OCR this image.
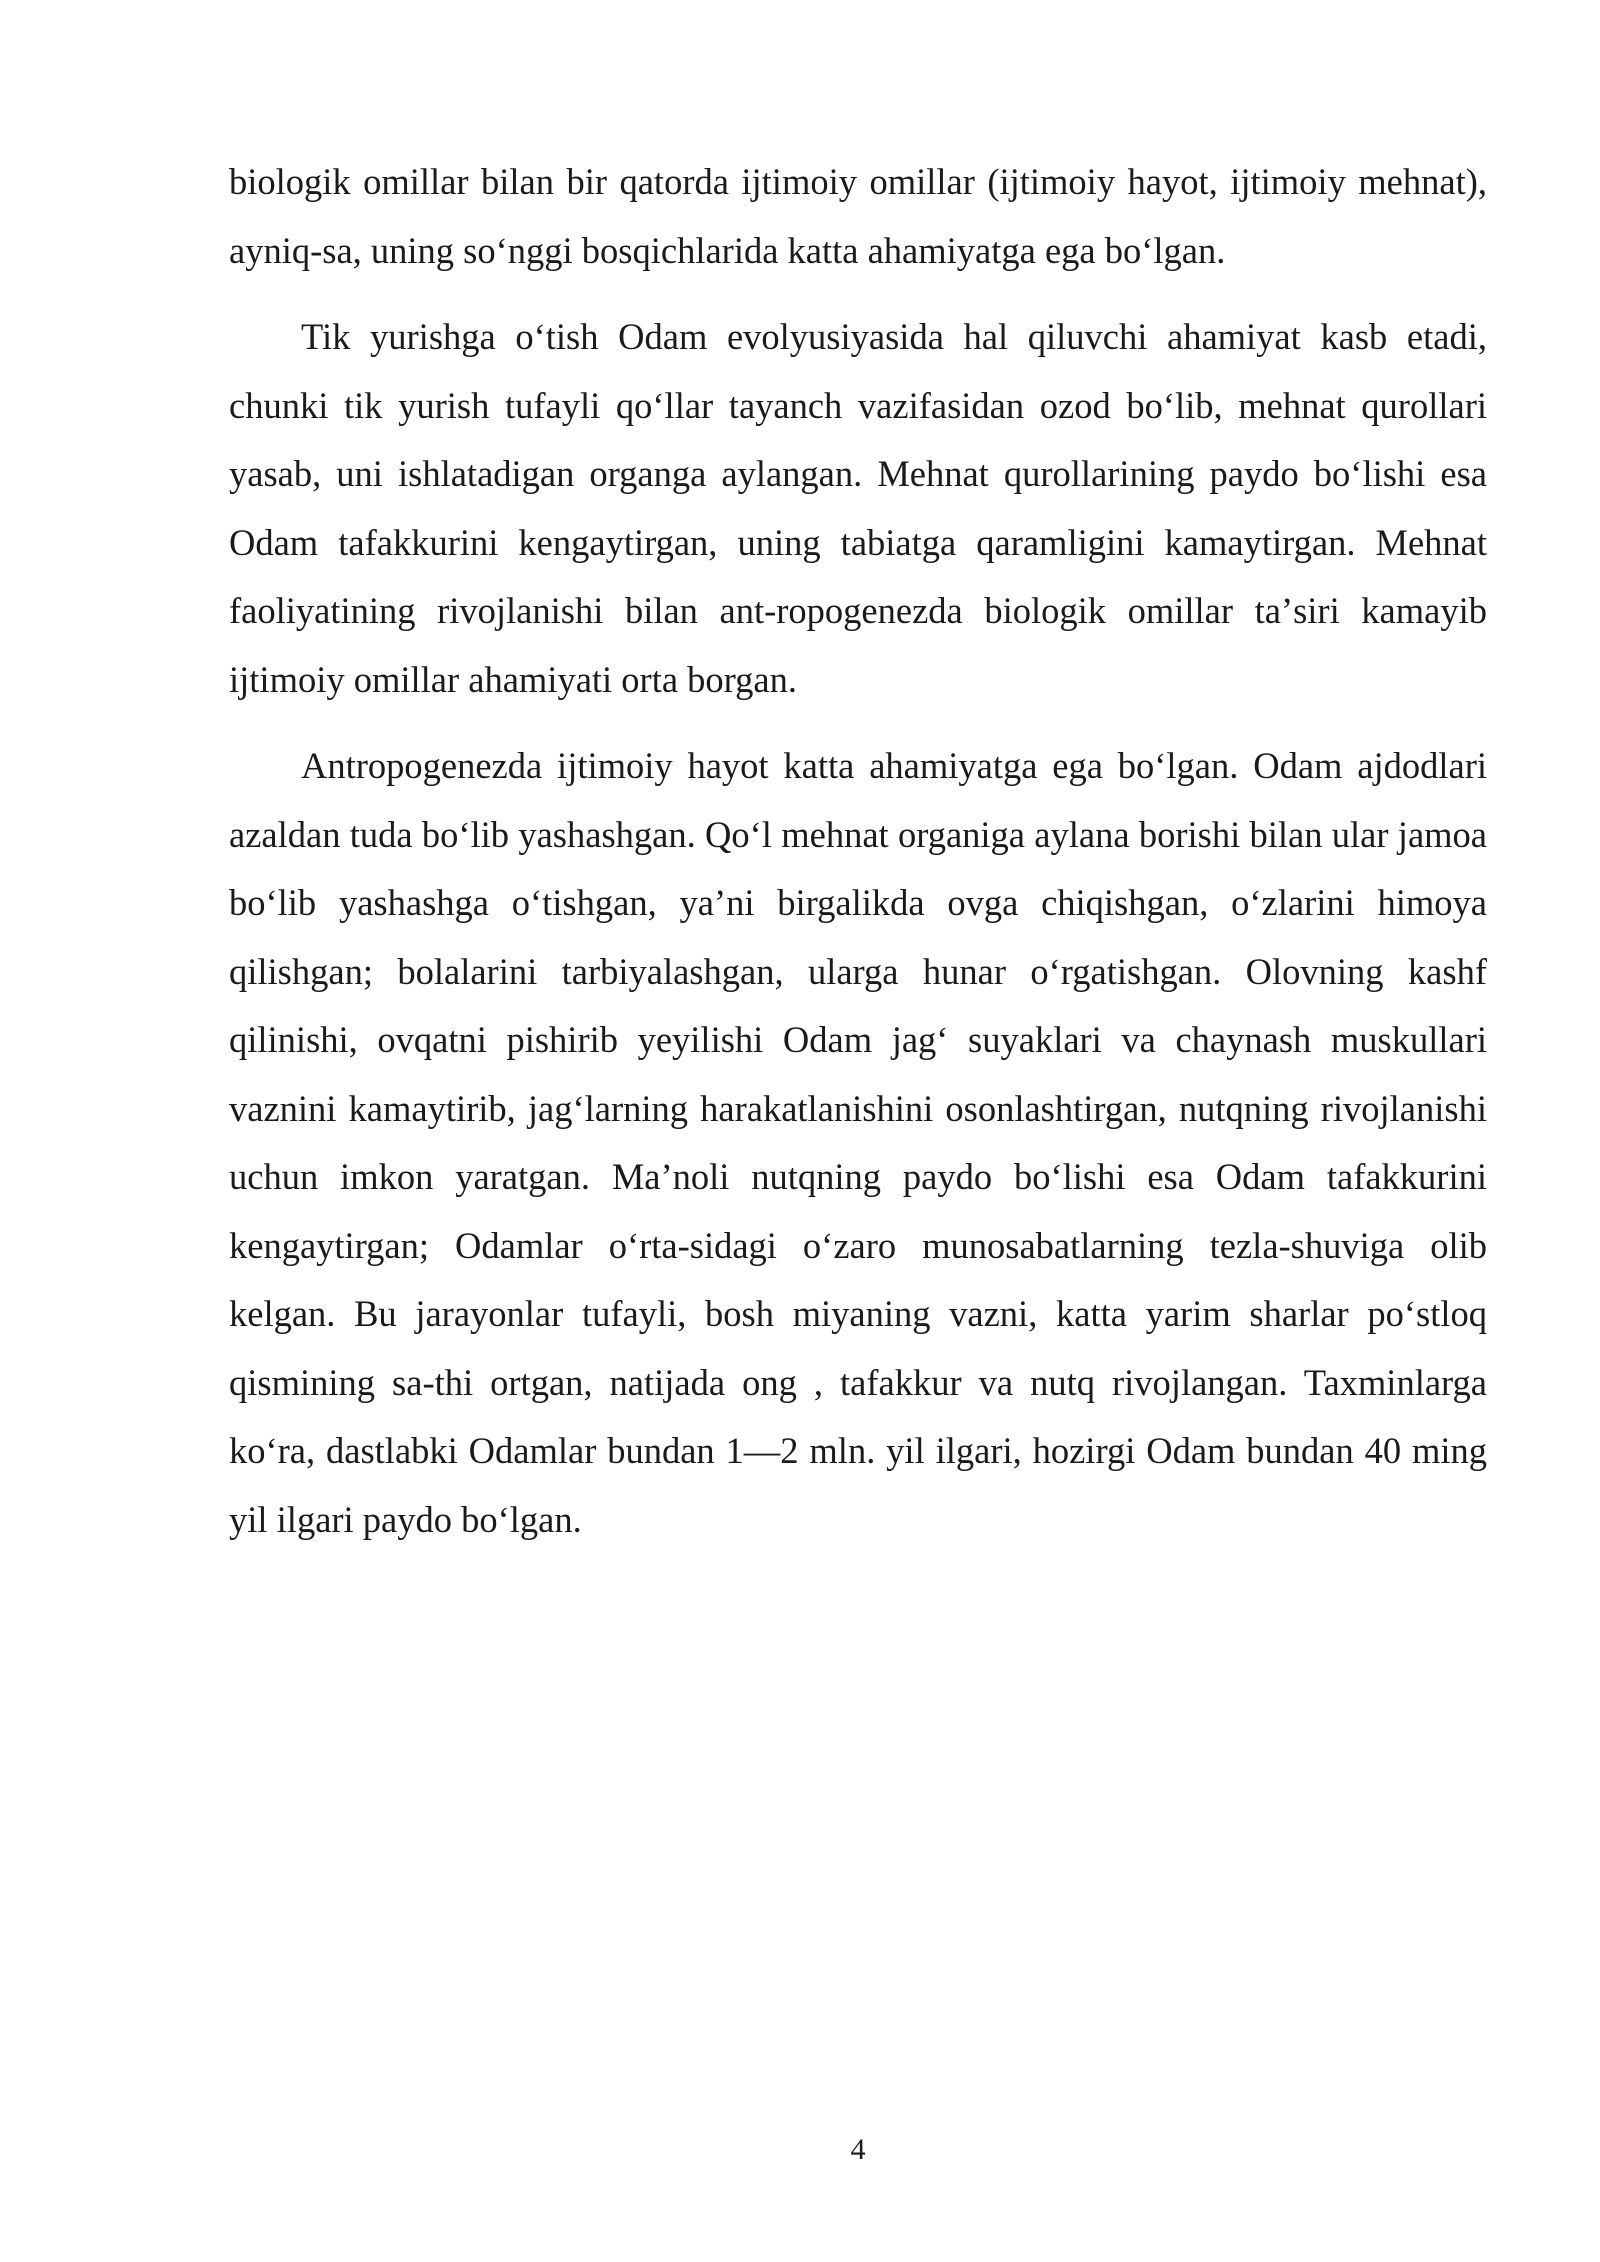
biologik omillar bilan bir qatorda ijtimoiy omillar (ijtimoiy hayot, ijtimoiy mehnat), ayniq-sa, uning soʻnggi bosqichlarida katta ahamiyatga ega boʻlgan.

Tik yurishga oʻtish Odam evolyusiyasida hal qiluvchi ahamiyat kasb etadi, chunki tik yurish tufayli qoʻllar tayanch vazifasidan ozod boʻlib, mehnat qurollari yasab, uni ishlatadigan organga aylangan. Mehnat qurollarining paydo boʻlishi esa Odam tafakkurini kengaytirgan, uning tabiatga qaramligini kamaytirgan. Mehnat faoliyatining rivojlanishi bilan ant-ropogenezda biologik omillar taʼsiri kamayib ijtimoiy omillar ahamiyati orta borgan.

Antropogenezda ijtimoiy hayot katta ahamiyatga ega boʻlgan. Odam ajdodlari azaldan tuda boʻlib yashashgan. Qoʻl mehnat organiga aylana borishi bilan ular jamoa boʻlib yashashga oʻtishgan, yaʼni birgalikda ovga chiqishgan, oʻzlarini himoya qilishgan; bolalarini tarbiyalashgan, ularga hunar oʻrgatishgan. Olovning kashf qilinishi, ovqatni pishirib yeyilishi Odam jagʻ suyaklari va chaynash muskullari vaznini kamaytirib, jagʻlarning harakatlanishini osonlashtirgan, nutqning rivojlanishi uchun imkon yaratgan. Maʼnoli nutqning paydo boʻlishi esa Odam tafakkurini kengaytirgan; Odamlar oʻrta-sidagi oʻzaro munosabatlarning tezla-shuviga olib kelgan. Bu jarayonlar tufayli, bosh miyaning vazni, katta yarim sharlar poʻstloq qismining sa-thi ortgan, natijada ong , tafakkur va nutq rivojlangan. Taxminlarga koʻra, dastlabki Odamlar bundan 1—2 mln. yil ilgari, hozirgi Odam bundan 40 ming yil ilgari paydo boʻlgan.

4
